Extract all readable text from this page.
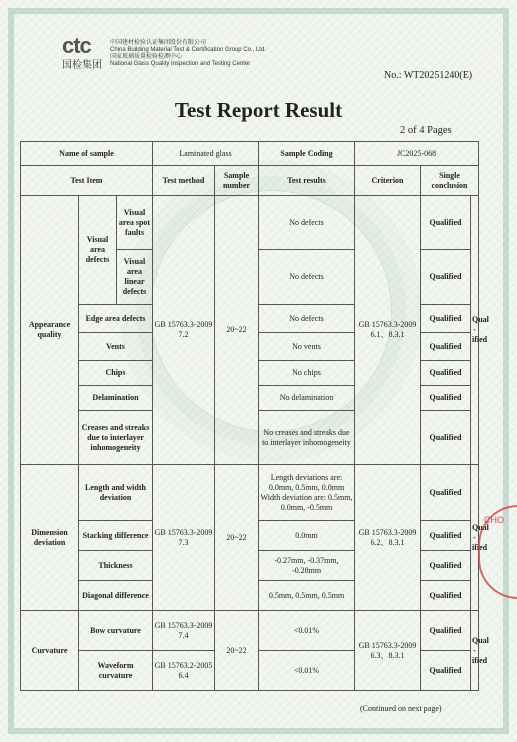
ctc
国检集团
中国建材检验认证集团股份有限公司
China Building Material Test & Certification Group Co., Ltd.
国家玻璃质量检验检测中心
National Glass Quality Inspection and Testing Center
No.: WT20251240(E)
Test Report Result
2 of 4 Pages
Name of sample			Laminated glass		Sample Coding	JC2025-068		
Test Item			Test method	Sample number	Test results	Criterion	Single conclusion	
Appearance quality	Visual area defects	Visual area spot faults	GB 15763.3-2009 7.2	20~22	No defects	GB 15763.3-2009 6.1、8.3.1	Qualified	Qual -ified
		Visual area linear defects			No defects		Qualified	
	Edge area defects				No defects		Qualified	
	Vents				No vents		Qualified	
	Chips				No chips		Qualified	
	Delamination				No delamination		Qualified	
	Creases and streaks due to interlayer inhomogeneity				No creases and streaks due to interlayer inhomogeneity		Qualified	
Dimension deviation	Length and width deviation		GB 15763.3-2009 7.3	20~22	Length deviations are: 0.0mm, 0.5mm, 0.0mm Width deviation are: 0.5mm, 0.0mm, -0.5mm	GB 15763.3-2009 6.2、8.3.1	Qualified	Qual -ified
	Stacking difference				0.0mm		Qualified	
	Thickness				-0.27mm, -0.37mm, -0.28mm		Qualified	
	Diagonal difference				0.5mm, 0.5mm, 0.5mm		Qualified	
Curvature	Bow curvature		GB 15763.3-2009 7.4	20~22	<0.01%	GB 15763.3-2009 6.3、8.3.1	Qualified	Qual -ified
	Waveform curvature		GB 15763.2-2005 6.4		<0.01%		Qualified	
CHO
(Continued on next page)
